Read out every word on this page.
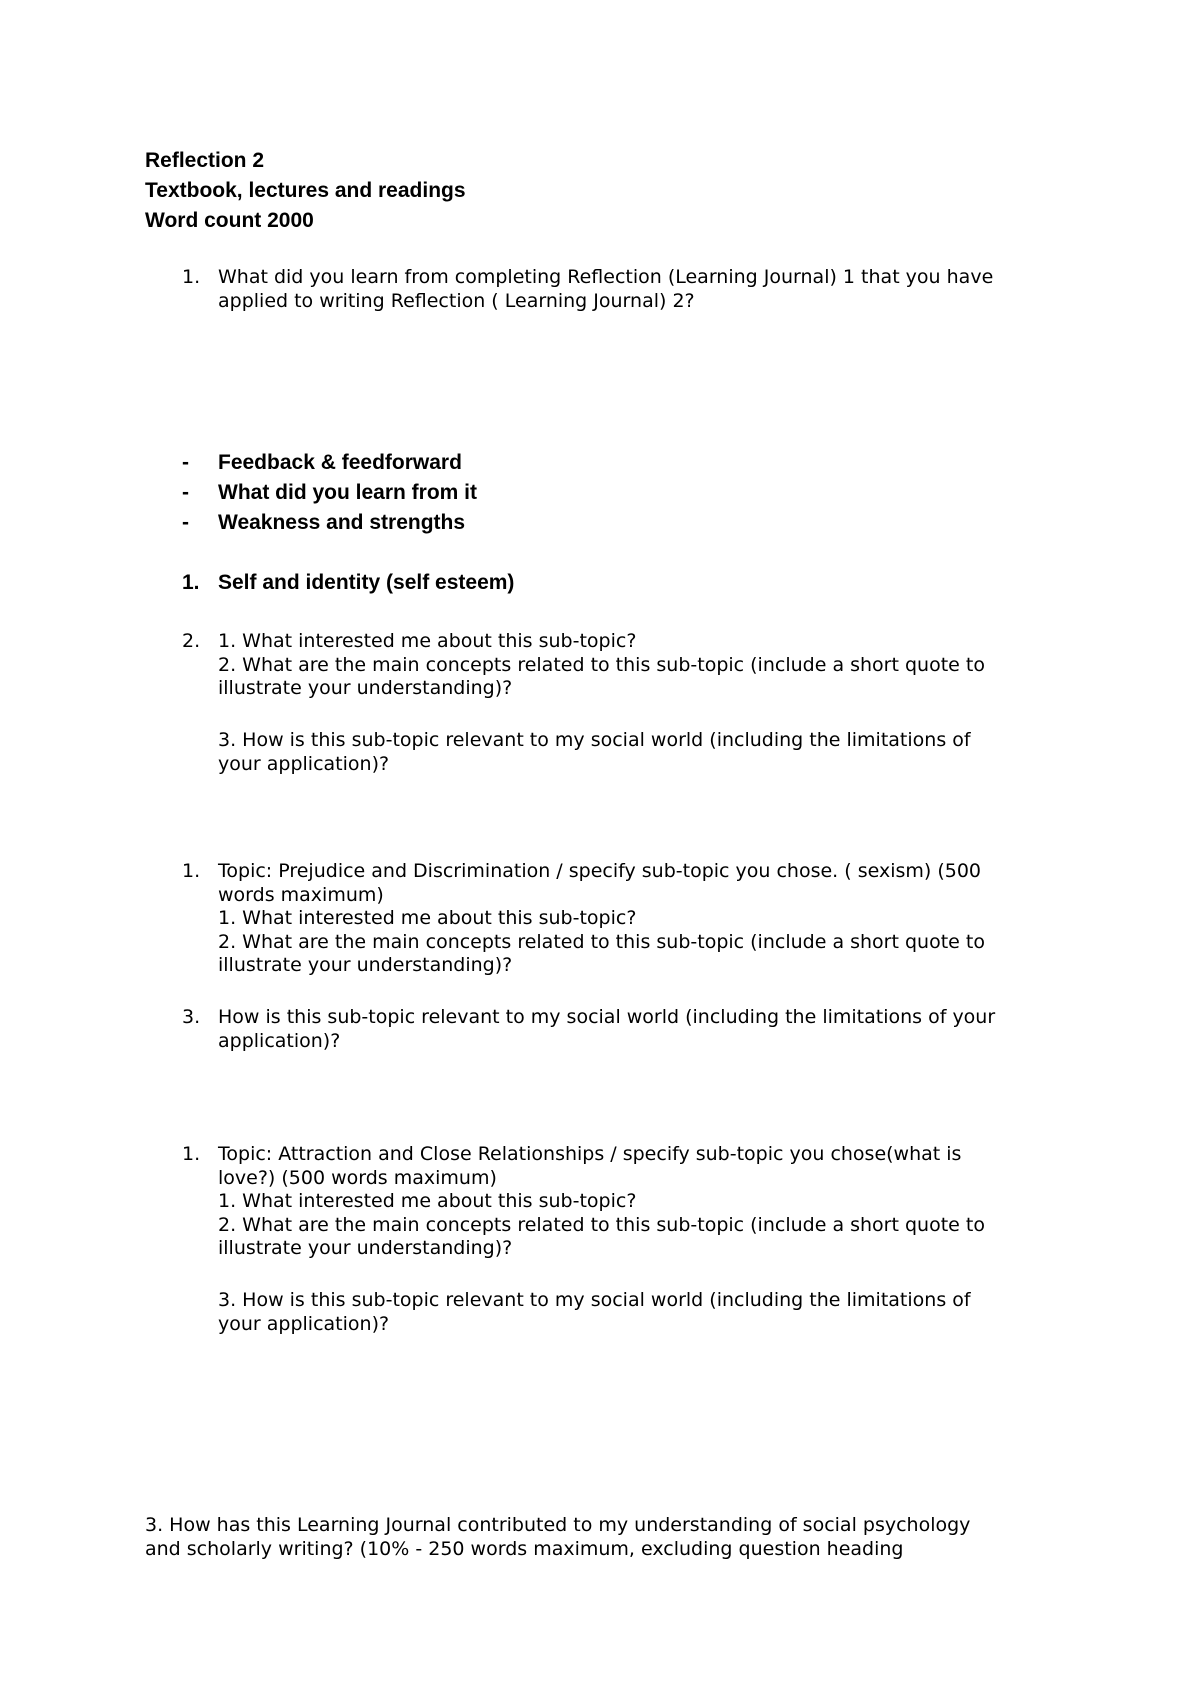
Reflection 2
Textbook, lectures and readings
Word count 2000
1. What did you learn from completing Reflection (Learning Journal) 1 that you have
applied to writing Reflection ( Learning Journal) 2?
-	Feedback & feedforward
-	What did you learn from it
-	Weakness and strengths
1. Self and identity (self esteem)
2. 1. What interested me about this sub-topic?
2. What are the main concepts related to this sub-topic (include a short quote to
illustrate your understanding)?
3. How is this sub-topic relevant to my social world (including the limitations of
your application)?
1. Topic: Prejudice and Discrimination / specify sub-topic you chose. ( sexism) (500
words maximum)
1. What interested me about this sub-topic?
2. What are the main concepts related to this sub-topic (include a short quote to
illustrate your understanding)?
3. How is this sub-topic relevant to my social world (including the limitations of your
application)?
1. Topic: Attraction and Close Relationships / specify sub-topic you chose(what is
love?) (500 words maximum)
1. What interested me about this sub-topic?
2. What are the main concepts related to this sub-topic (include a short quote to
illustrate your understanding)?
3. How is this sub-topic relevant to my social world (including the limitations of
your application)?
3. How has this Learning Journal contributed to my understanding of social psychology
and scholarly writing? (10% - 250 words maximum, excluding question heading
